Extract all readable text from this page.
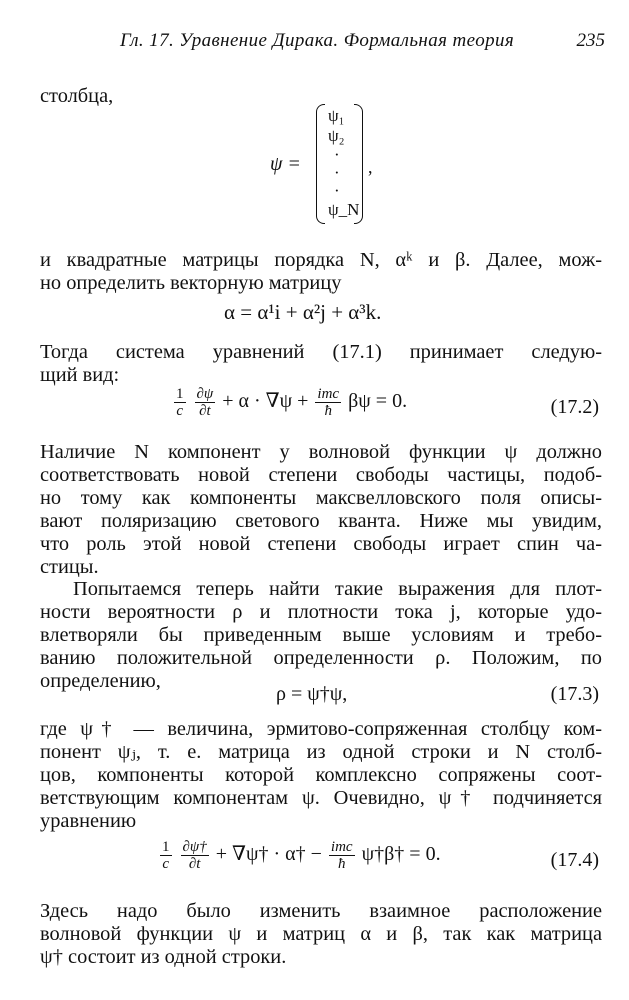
Гл. 17. Уравнение Дирака. Формальная теория	235
столбца,
ψ =
ψ₁
ψ₂
·
·
·
ψ_N
,
и квадратные матрицы порядка N, αᵏ и β. Далее, мож-
но определить векторную матрицу
α = α¹i + α²j + α³k.
Тогда система уравнений (17.1) принимает следую-
щий вид:
$\frac{1}{c}$
$\frac{\partial\psi}{\partial t} + \alpha \cdot \nabla\psi + \frac{\text{imc}}{ħ}$ βψ = 0.	(17.2)
Наличие N компонент у волновой функции ψ должно
соответствовать новой степени свободы частицы, подоб-
но тому как компоненты максвелловского поля описы-
вают поляризацию светового кванта. Ниже мы увидим,
что роль этой новой степени свободы играет спин ча-
стицы.
Попытаемся теперь найти такие выражения для плот-
ности вероятности ρ и плотности тока j, которые удо-
влетворяли бы приведенным выше условиям и требо-
ванию положительной определенности ρ. Положим, по
определению,
ρ = ψ†ψ,	(17.3)
где ψ† — величина, эрмитово-сопряженная столбцу ком-
понент ψⱼ, т. е. матрица из одной строки и N столб-
цов, компоненты которой комплексно сопряжены соот-
ветствующим компонентам ψ. Очевидно, ψ† подчиняется
уравнению
$\frac{1}{c}$
$\frac{\partial\psi\dagger}{\partial t}$ + ∇ψ† · α† − $\frac{\text{imc}}{ħ}$ ψ†β† = 0.	(17.4)
Здесь надо было изменить взаимное расположение
волновой функции ψ и матриц α и β, так как матрица
ψ† состоит из одной строки.
